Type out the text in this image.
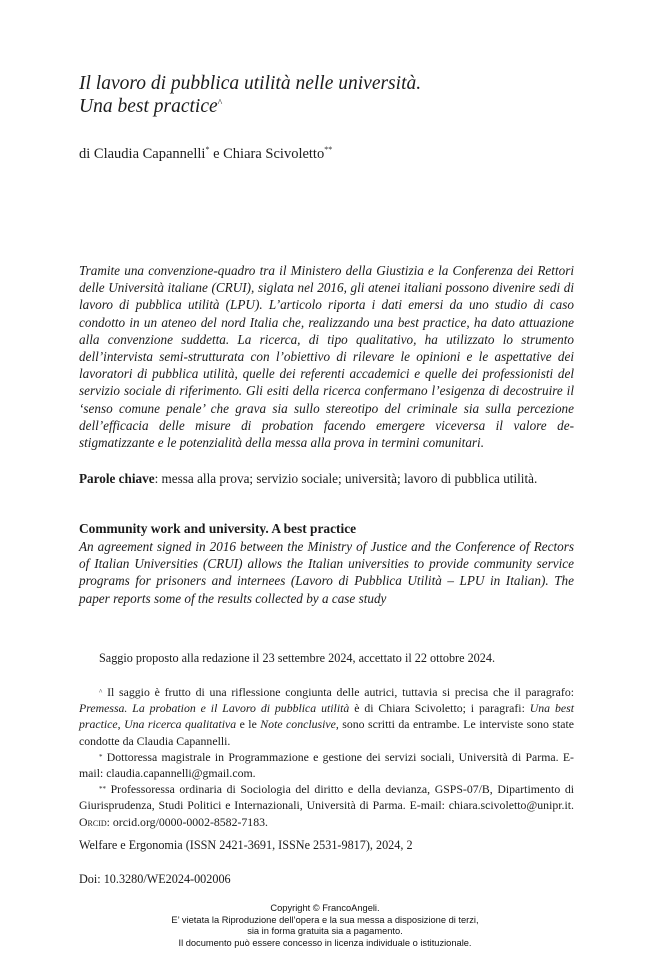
Il lavoro di pubblica utilità nelle università.
Una best practice^
di Claudia Capannelli* e Chiara Scivoletto**
Tramite una convenzione-quadro tra il Ministero della Giustizia e la Conferenza dei Rettori delle Università italiane (CRUI), siglata nel 2016, gli atenei italiani possono divenire sedi di lavoro di pubblica utilità (LPU). L’articolo riporta i dati emersi da uno studio di caso condotto in un ateneo del nord Italia che, realizzando una best practice, ha dato attuazione alla convenzione suddetta. La ricerca, di tipo qualitativo, ha utilizzato lo strumento dell’intervista semi-strutturata con l’obiettivo di rilevare le opinioni e le aspettative dei lavoratori di pubblica utilità, quelle dei referenti accademici e quelle dei professionisti del servizio sociale di riferimento. Gli esiti della ricerca confermano l’esigenza di decostruire il ‘senso comune penale’ che grava sia sullo stereotipo del criminale sia sulla percezione dell’efficacia delle misure di probation facendo emergere viceversa il valore de-stigmatizzante e le potenzialità della messa alla prova in termini comunitari.
Parole chiave: messa alla prova; servizio sociale; università; lavoro di pubblica utilità.
Community work and university. A best practice
An agreement signed in 2016 between the Ministry of Justice and the Conference of Rectors of Italian Universities (CRUI) allows the Italian universities to provide community service programs for prisoners and internees (Lavoro di Pubblica Utilità – LPU in Italian). The paper reports some of the results collected by a case study
Saggio proposto alla redazione il 23 settembre 2024, accettato il 22 ottobre 2024.

^ Il saggio è frutto di una riflessione congiunta delle autrici, tuttavia si precisa che il paragrafo: Premessa. La probation e il Lavoro di pubblica utilità è di Chiara Scivoletto; i paragrafi: Una best practice, Una ricerca qualitativa e le Note conclusive, sono scritti da entrambe. Le interviste sono state condotte da Claudia Capannelli.

* Dottoressa magistrale in Programmazione e gestione dei servizi sociali, Università di Parma. E-mail: claudia.capannelli@gmail.com.

** Professoressa ordinaria di Sociologia del diritto e della devianza, GSPS-07/B, Dipartimento di Giurisprudenza, Studi Politici e Internazionali, Università di Parma. E-mail: chiara.scivoletto@unipr.it. Orcid: orcid.org/0000-0002-8582-7183.

Welfare e Ergonomia (ISSN 2421-3691, ISSNe 2531-9817), 2024, 2
Doi: 10.3280/WE2024-002006
Copyright © FrancoAngeli.
E’ vietata la Riproduzione dell’opera e la sua messa a disposizione di terzi,
sia in forma gratuita sia a pagamento.
Il documento può essere concesso in licenza individuale o istituzionale.
